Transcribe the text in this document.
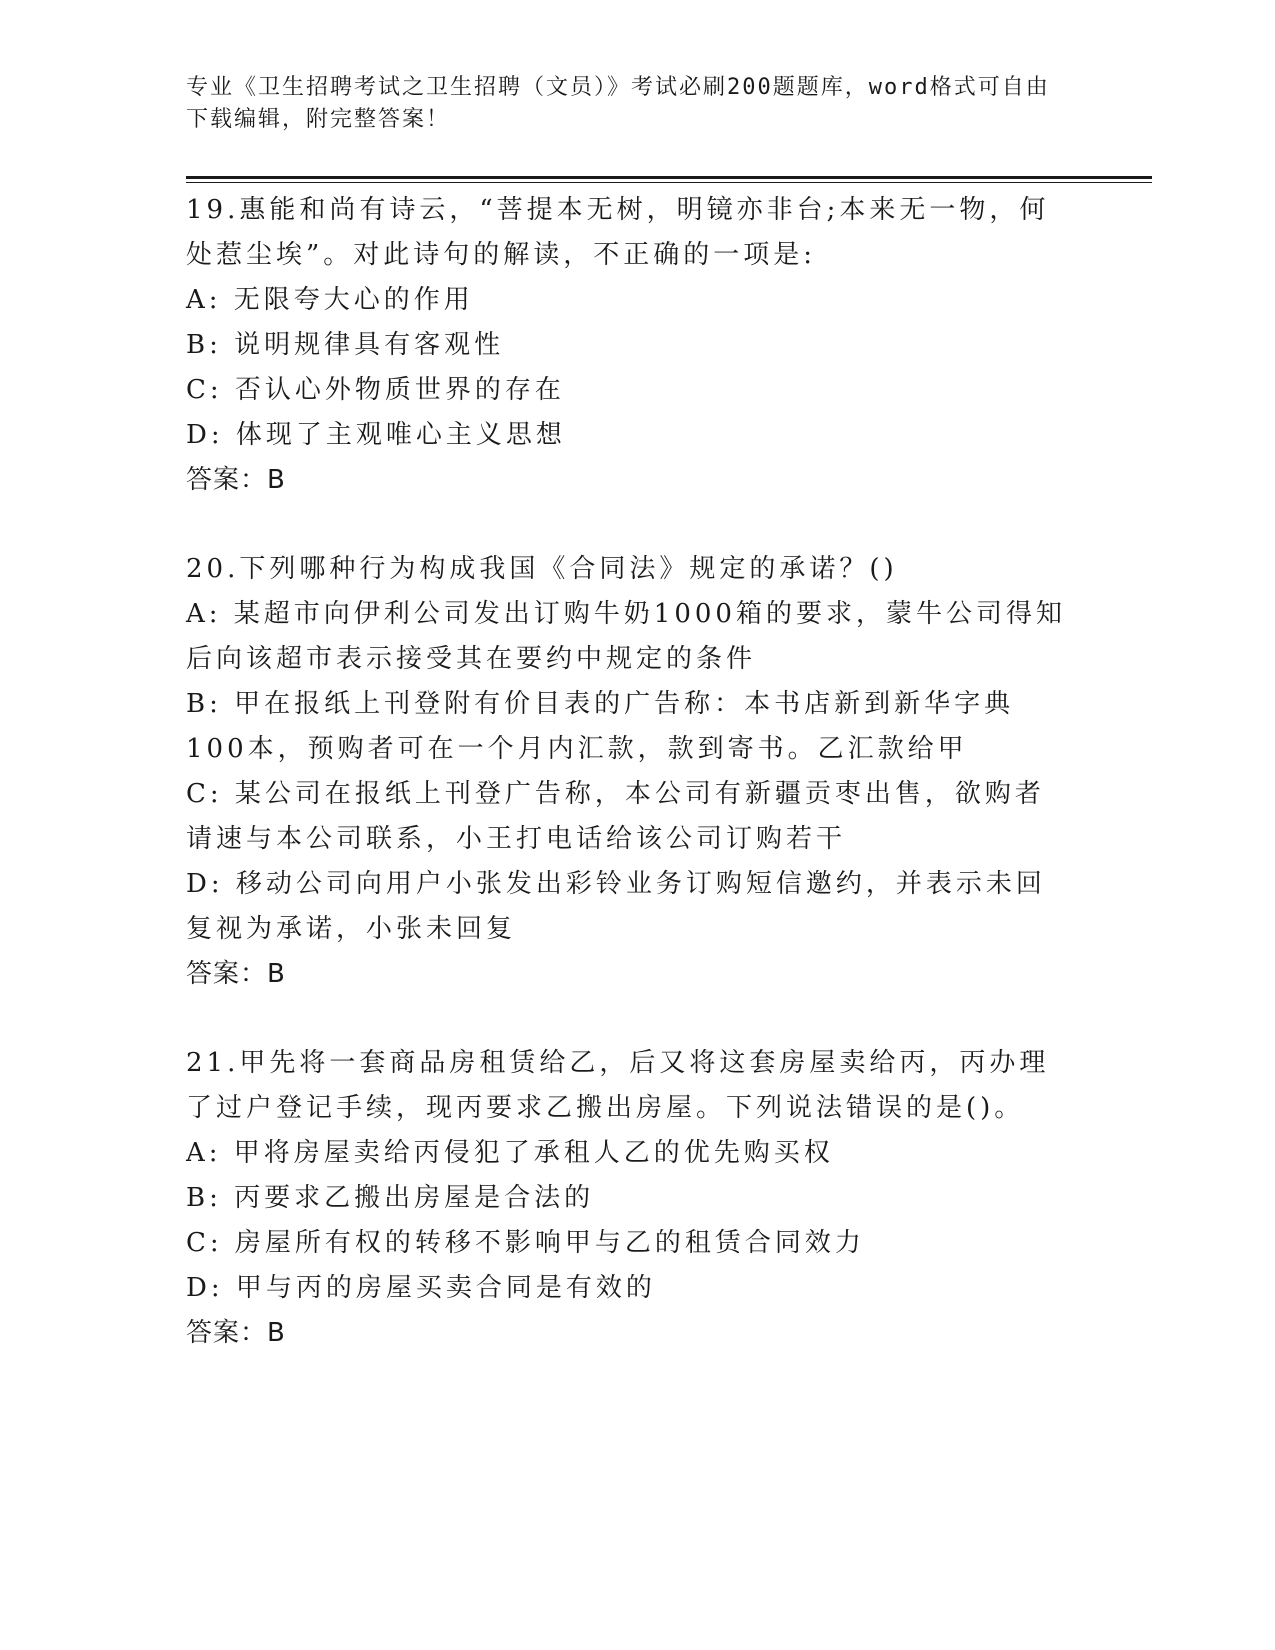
专业《卫生招聘考试之卫生招聘（文员）》考试必刷200题题库，word格式可自由下载编辑，附完整答案！
19.惠能和尚有诗云，“菩提本无树，明镜亦非台;本来无一物，何处惹尘埃”。对此诗句的解读，不正确的一项是:
A: 无限夸大心的作用
B: 说明规律具有客观性
C: 否认心外物质世界的存在
D: 体现了主观唯心主义思想
答案：B
20.下列哪种行为构成我国《合同法》规定的承诺？()
A: 某超市向伊利公司发出订购牛奶1000箱的要求，蒙牛公司得知后向该超市表示接受其在要约中规定的条件
B: 甲在报纸上刊登附有价目表的广告称：本书店新到新华字典100本，预购者可在一个月内汇款，款到寄书。乙汇款给甲
C: 某公司在报纸上刊登广告称，本公司有新疆贡枣出售，欲购者请速与本公司联系，小王打电话给该公司订购若干
D: 移动公司向用户小张发出彩铃业务订购短信邀约，并表示未回复视为承诺，小张未回复
答案：B
21.甲先将一套商品房租赁给乙，后又将这套房屋卖给丙，丙办理了过户登记手续，现丙要求乙搬出房屋。下列说法错误的是()。
A: 甲将房屋卖给丙侵犯了承租人乙的优先购买权
B: 丙要求乙搬出房屋是合法的
C: 房屋所有权的转移不影响甲与乙的租赁合同效力
D: 甲与丙的房屋买卖合同是有效的
答案：B
